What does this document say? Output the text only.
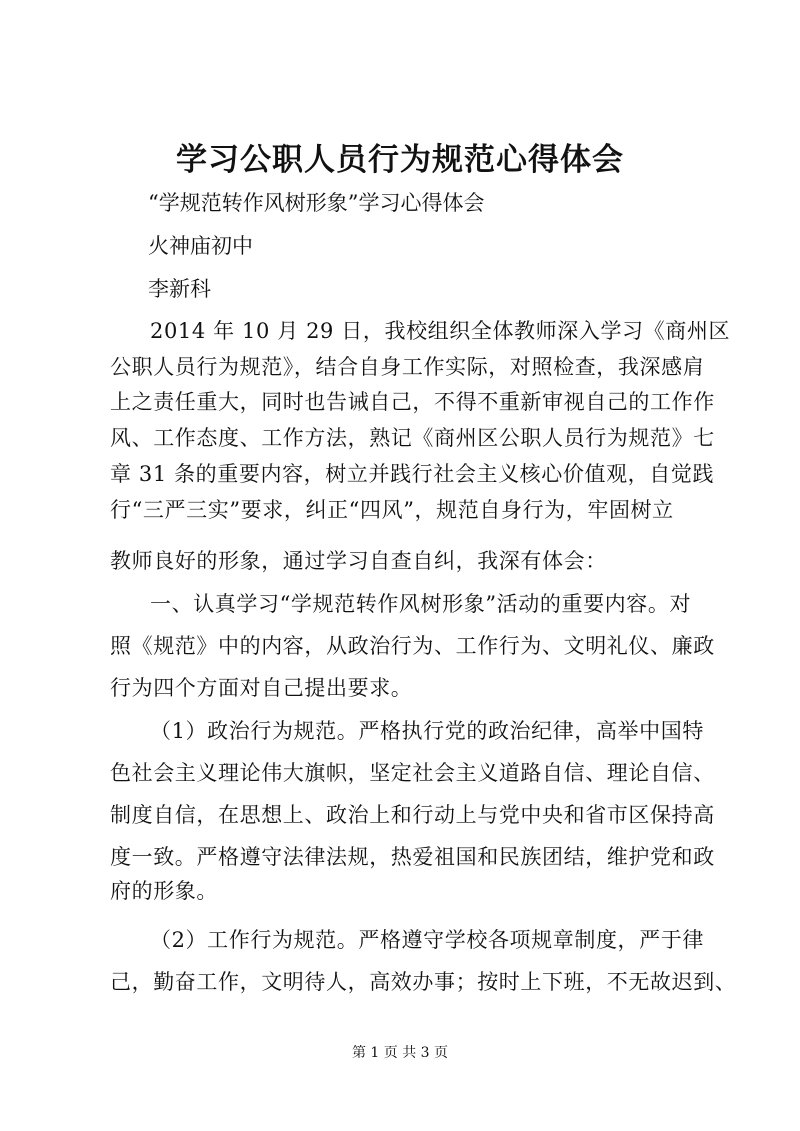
学习公职人员行为规范心得体会
“学规范转作风树形象”学习心得体会
火神庙初中
李新科
2014 年 10 月 29 日，我校组织全体教师深入学习《商州区
公职人员行为规范》，结合自身工作实际，对照检查，我深感肩
上之责任重大，同时也告诫自己，不得不重新审视自己的工作作
风、工作态度、工作方法，熟记《商州区公职人员行为规范》七
章 31 条的重要内容，树立并践行社会主义核心价值观，自觉践
行“三严三实”要求，纠正“四风”，规范自身行为，牢固树立
教师良好的形象，通过学习自查自纠，我深有体会：
一、认真学习“学规范转作风树形象”活动的重要内容。对
照《规范》中的内容，从政治行为、工作行为、文明礼仪、廉政
行为四个方面对自己提出要求。
（1）政治行为规范。严格执行党的政治纪律，高举中国特
色社会主义理论伟大旗帜，坚定社会主义道路自信、理论自信、
制度自信，在思想上、政治上和行动上与党中央和省市区保持高
度一致。严格遵守法律法规，热爱祖国和民族团结，维护党和政
府的形象。
（2）工作行为规范。严格遵守学校各项规章制度，严于律
己，勤奋工作，文明待人，高效办事；按时上下班，不无故迟到、
第 1 页 共 3 页
